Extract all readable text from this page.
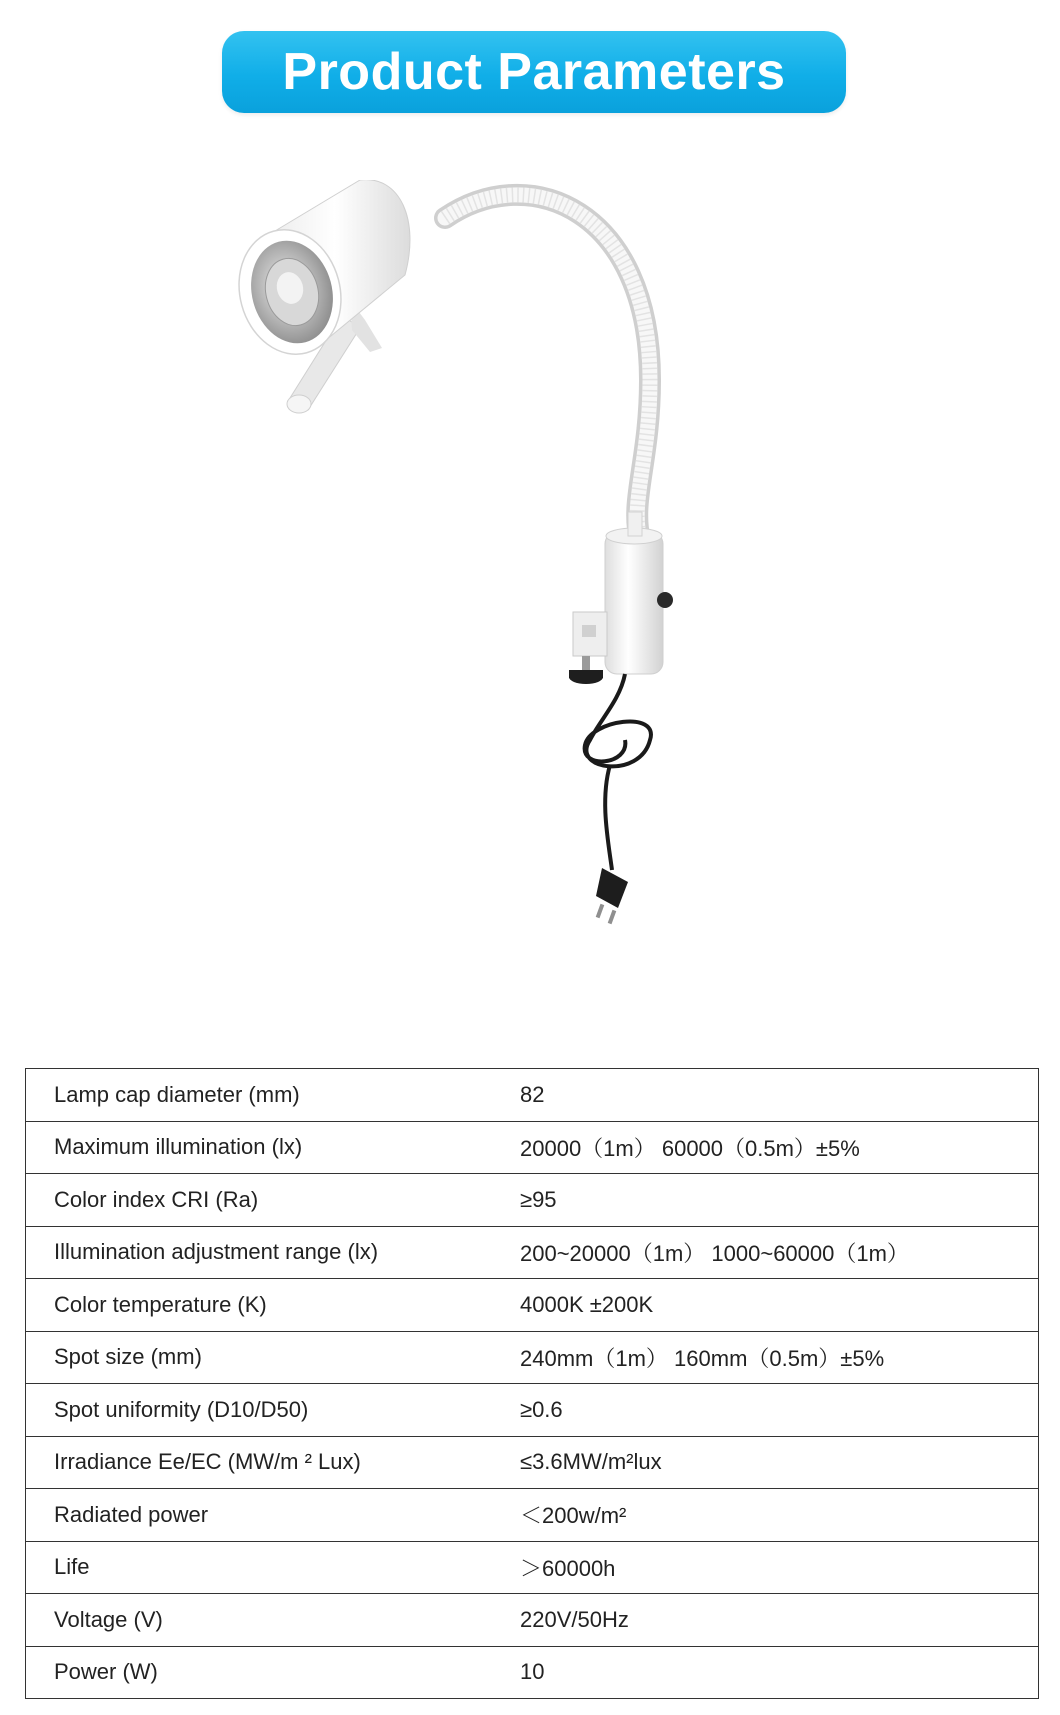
Product Parameters
Lamp cap diameter (mm)	82
Maximum illumination (lx)	20000（1m） 60000（0.5m）±5%
Color index CRI (Ra)	≥95
Illumination adjustment range (lx)	200~20000（1m） 1000~60000（1m）
Color temperature (K)	4000K ±200K
Spot size (mm)	240mm（1m） 160mm（0.5m）±5%
Spot uniformity (D10/D50)	≥0.6
Irradiance Ee/EC (MW/m ² Lux)	≤3.6MW/m²lux
Radiated power	＜200w/m²
Life	＞60000h
Voltage (V)	220V/50Hz
Power (W)	10
